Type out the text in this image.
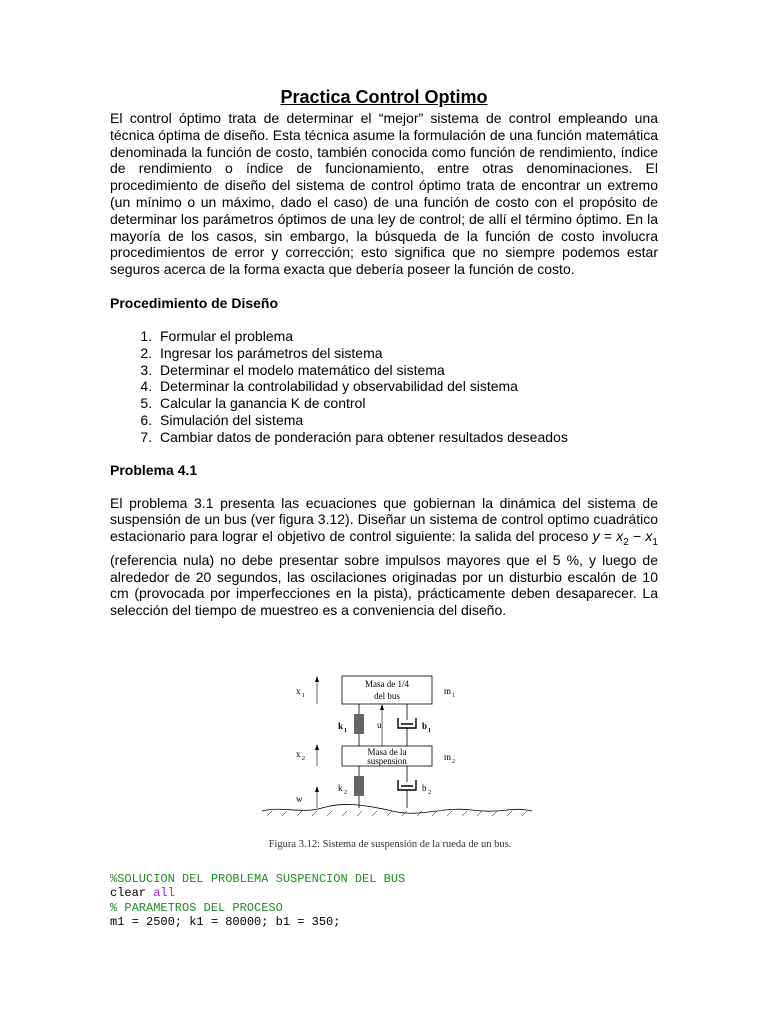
Practica Control Optimo

El control óptimo trata de determinar el “mejor” sistema de control empleando una técnica óptima de diseño. Esta técnica asume la formulación de una función matemática denominada la función de costo, también conocida como función de rendimiento, índice de rendimiento o índice de funcionamiento, entre otras denominaciones. El procedimiento de diseño del sistema de control óptimo trata de encontrar un extremo (un mínimo o un máximo, dado el caso) de una función de costo con el propósito de determinar los parámetros óptimos de una ley de control; de allí el término óptimo. En la mayoría de los casos, sin embargo, la búsqueda de la función de costo involucra procedimientos de error y corrección; esto significa que no siempre podemos estar seguros acerca de la forma exacta que debería poseer la función de costo.

Procedimiento de Diseño
1. Formular el problema
2. Ingresar los parámetros del sistema
3. Determinar el modelo matemático del sistema
4. Determinar la controlabilidad y observabilidad del sistema
5. Calcular la ganancia K de control
6. Simulación del sistema
7. Cambiar datos de ponderación para obtener resultados deseados
Problema 4.1

El problema 3.1 presenta las ecuaciones que gobiernan la dinámica del sistema de suspensión de un bus (ver figura 3.12). Diseñar un sistema de control optimo cuadrático estacionario para lograr el objetivo de control siguiente: la salida del proceso $y = x_2 - x_1$ (referencia nula) no debe presentar sobre impulsos mayores que el 5 %, y luego de alrededor de 20 segundos, las oscilaciones originadas por un disturbio escalón de 10 cm (provocada por imperfecciones en la pista), prácticamente deben desaparecer. La selección del tiempo de muestreo es a conveniencia del diseño.

Masa de 1/4
del bus
Masa de la
suspension
u
x 1
x 2
w
k 1	b 1
k 2	b 2
m 1
m 2
Figura 3.12: Sistema de suspensión de la rueda de un bus.
%SOLUCION DEL PROBLEMA SUSPENCION DEL BUS
clear all
% PARAMETROS DEL PROCESO
m1 = 2500; k1 = 80000; b1 = 350;
